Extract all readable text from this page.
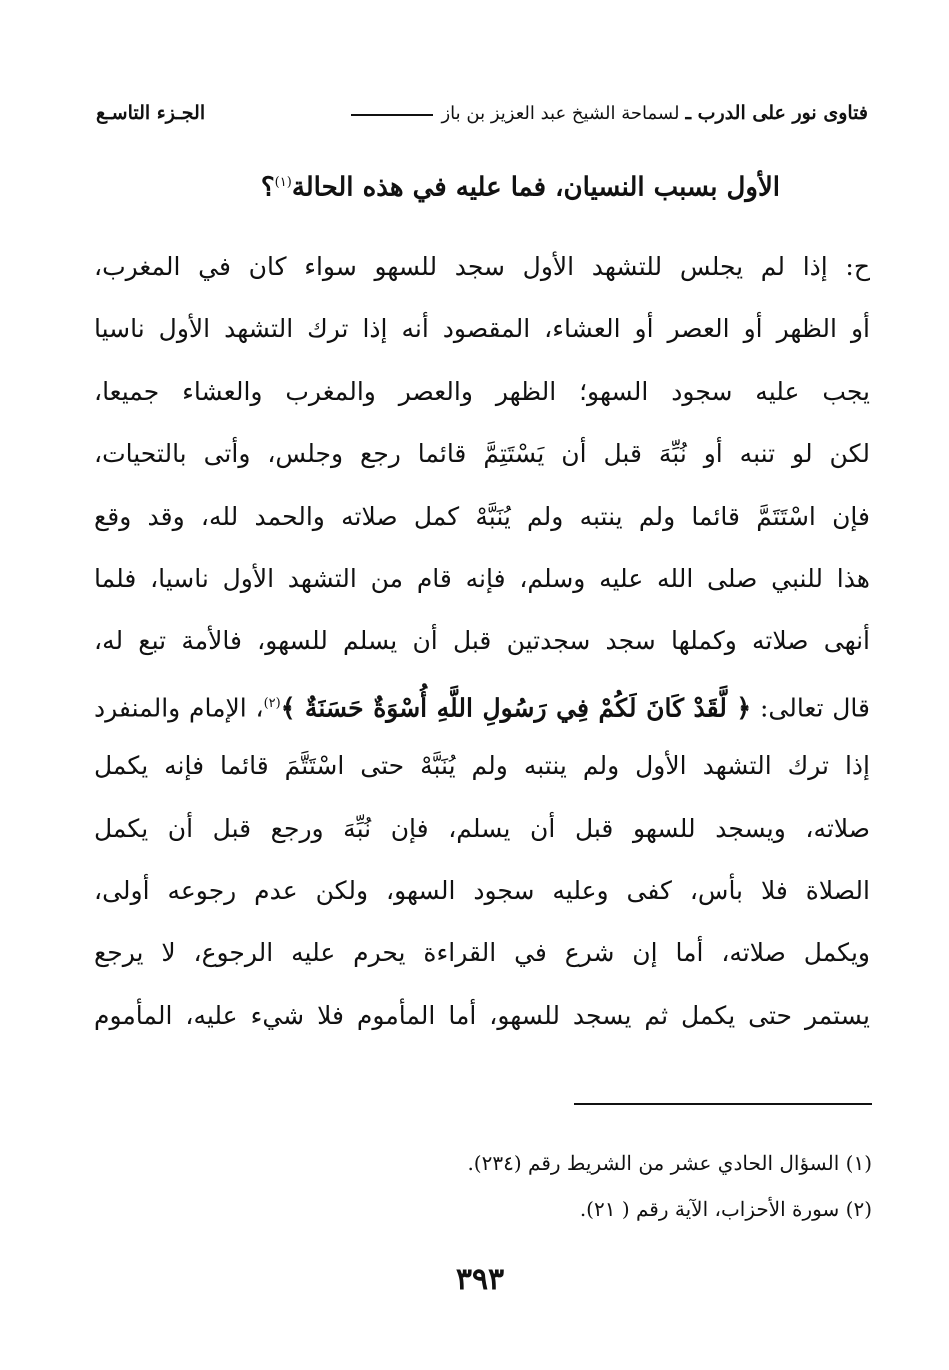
فتاوى نور على الدرب ـ
لسماحة الشيخ عبد العزيز بن باز
الجـزء التاسـع
الأول بسبب النسيان، فما عليه في هذه الحالة$^{(١)}$؟
ح: إذا لم يجلس للتشهد الأول سجد للسهو سواء كان في المغرب،
أو الظهر أو العصر أو العشاء، المقصود أنه إذا ترك التشهد الأول ناسيا
يجب عليه سجود السهو؛ الظهر والعصر والمغرب والعشاء جميعا،
لكن لو تنبه أو نُبِّهَ قبل أن يَسْتَتِمَّ قائما رجع وجلس، وأتى بالتحيات،
فإن اسْتَتَمَّ قائما ولم ينتبه ولم يُنَبَّهْ كمل صلاته والحمد لله، وقد وقع
هذا للنبي صلى الله عليه وسلم، فإنه قام من التشهد الأول ناسيا، فلما
أنهى صلاته وكملها سجد سجدتين قبل أن يسلم للسهو، فالأمة تبع له،
قال تعالى: ﴿ لَّقَدْ كَانَ لَكُمْ فِي رَسُولِ اللَّهِ أُسْوَةٌ حَسَنَةٌ ﴾$^{(٢)}$، الإمام والمنفرد
إذا ترك التشهد الأول ولم ينتبه ولم يُنَبَّهْ حتى اسْتَتَّمَ قائما فإنه يكمل
صلاته، ويسجد للسهو قبل أن يسلم، فإن نُبِّهَ ورجع قبل أن يكمل
الصلاة فلا بأس، كفى وعليه سجود السهو، ولكن عدم رجوعه أولى،
ويكمل صلاته، أما إن شرع في القراءة يحرم عليه الرجوع، لا يرجع
يستمر حتى يكمل ثم يسجد للسهو، أما المأموم فلا شيء عليه، المأموم
(١) السؤال الحادي عشر من الشريط رقم (٢٣٤).
(٢) سورة الأحزاب، الآية رقم ( ٢١).
٣٩٣
